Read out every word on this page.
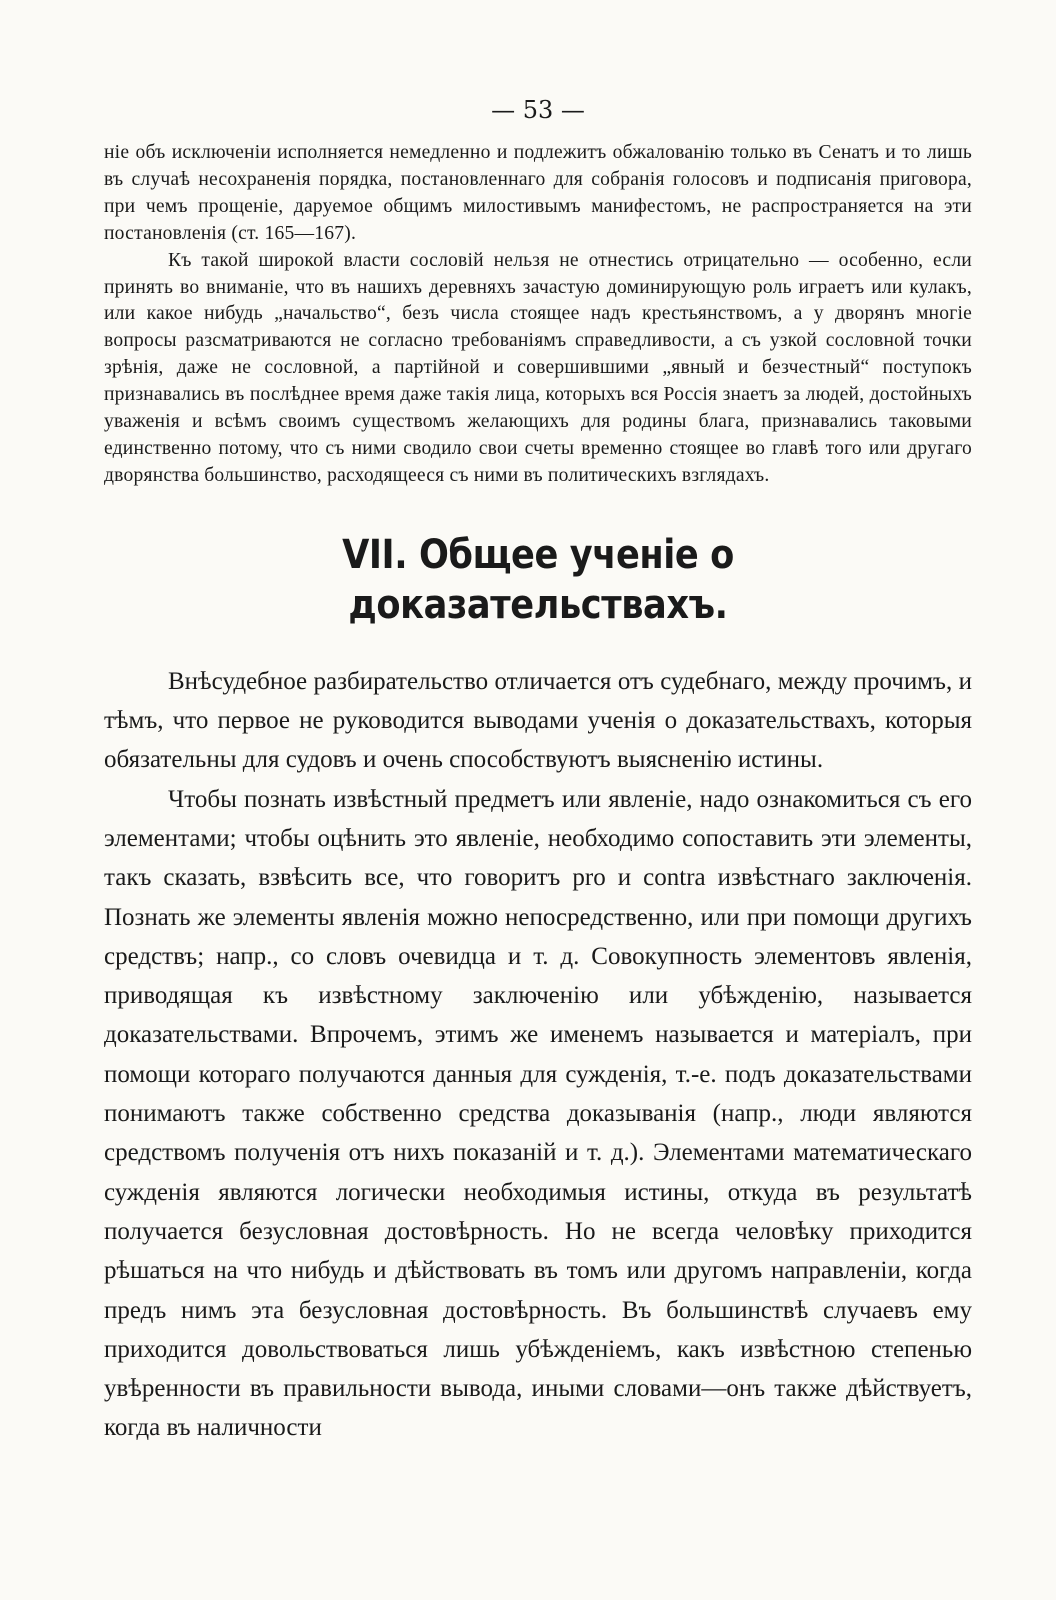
— 53 —

ніе объ исключеніи исполняется немедленно и подлежитъ обжалованію только въ Сенатъ и то лишь въ случаѣ несохраненія порядка, постановленнаго для собранія голосовъ и подписанія приговора, при чемъ прощеніе, даруемое общимъ милостивымъ манифестомъ, не распространяется на эти постановленія (ст. 165—167).

Къ такой широкой власти сословій нельзя не отнестись отрицательно — особенно, если принять во вниманіе, что въ нашихъ деревняхъ зачастую доминирующую роль играетъ или кулакъ, или какое нибудь „начальство“, безъ числа стоящее надъ крестьянствомъ, а у дворянъ многіе вопросы разсматриваются не согласно требованіямъ справедливости, а съ узкой сословной точки зрѣнія, даже не сословной, а партійной и совершившими „явный и безчестный“ поступокъ признавались въ послѣднее время даже такія лица, которыхъ вся Россія знаетъ за людей, достойныхъ уваженія и всѣмъ своимъ существомъ желающихъ для родины блага, признавались таковыми единственно потому, что съ ними сводило свои счеты временно стоящее во главѣ того или другаго дворянства большинство, расходящееся съ ними въ политическихъ взглядахъ.

VII. Общее ученіе о доказательствахъ.

Внѣсудебное разбирательство отличается отъ судебнаго, между прочимъ, и тѣмъ, что первое не руководится выводами ученія о доказательствахъ, которыя обязательны для судовъ и очень способствуютъ выясненію истины.

Чтобы познать извѣстный предметъ или явленіе, надо ознакомиться съ его элементами; чтобы оцѣнить это явленіе, необходимо сопоставить эти элементы, такъ сказать, взвѣсить все, что говоритъ pro и contra извѣстнаго заключенія. Познать же элементы явленія можно непосредственно, или при помощи другихъ средствъ; напр., со словъ очевидца и т. д. Совокупность элементовъ явленія, приводящая къ извѣстному заключенію или убѣжденію, называется доказательствами. Впрочемъ, этимъ же именемъ называется и матеріалъ, при помощи котораго получаются данныя для сужденія, т.-е. подъ доказательствами понимаютъ также собственно средства доказыванія (напр., люди являются средствомъ полученія отъ нихъ показаній и т. д.). Элементами математическаго сужденія являются логически необходимыя истины, откуда въ результатѣ получается безусловная достовѣрность. Но не всегда человѣку приходится рѣшаться на что нибудь и дѣйствовать въ томъ или другомъ направленіи, когда предъ нимъ эта безусловная достовѣрность. Въ большинствѣ случаевъ ему приходится довольствоваться лишь убѣжденіемъ, какъ извѣстною степенью увѣренности въ правильности вывода, иными словами—онъ также дѣйствуетъ, когда въ наличности
